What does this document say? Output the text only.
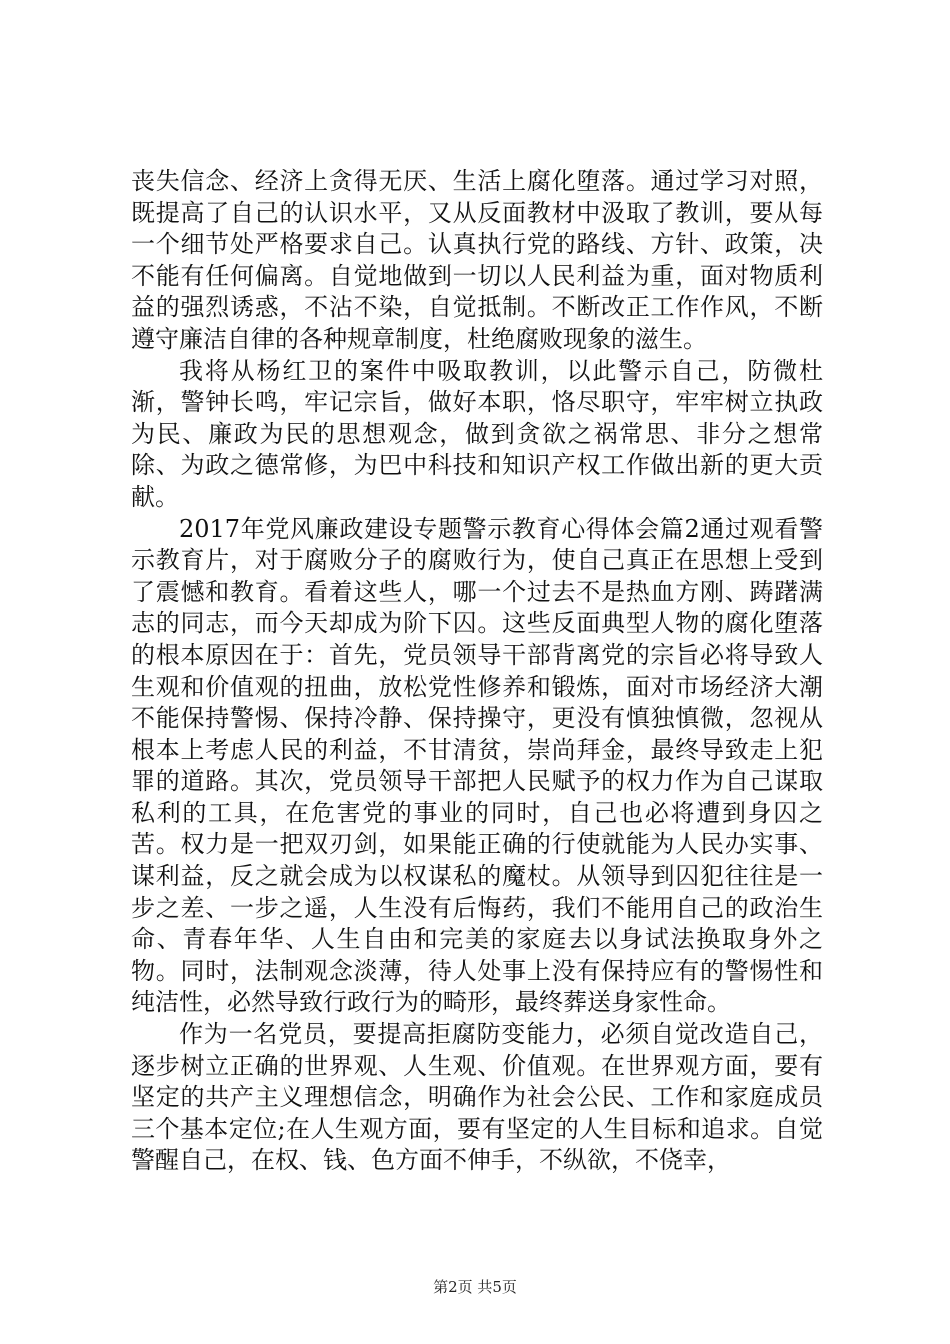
丧失信念、经济上贪得无厌、生活上腐化堕落。通过学习对照，既提高了自己的认识水平，又从反面教材中汲取了教训，要从每一个细节处严格要求自己。认真执行党的路线、方针、政策，决不能有任何偏离。自觉地做到一切以人民利益为重，面对物质利益的强烈诱惑，不沾不染，自觉抵制。不断改正工作作风，不断遵守廉洁自律的各种规章制度，杜绝腐败现象的滋生。

我将从杨红卫的案件中吸取教训，以此警示自己，防微杜渐，警钟长鸣，牢记宗旨，做好本职，恪尽职守，牢牢树立执政为民、廉政为民的思想观念，做到贪欲之祸常思、非分之想常除、为政之德常修，为巴中科技和知识产权工作做出新的更大贡献。

2017年党风廉政建设专题警示教育心得体会篇2通过观看警示教育片，对于腐败分子的腐败行为，使自己真正在思想上受到了震憾和教育。看着这些人，哪一个过去不是热血方刚、踌躇满志的同志，而今天却成为阶下囚。这些反面典型人物的腐化堕落的根本原因在于：首先，党员领导干部背离党的宗旨必将导致人生观和价值观的扭曲，放松党性修养和锻炼，面对市场经济大潮不能保持警惕、保持冷静、保持操守，更没有慎独慎微，忽视从根本上考虑人民的利益，不甘清贫，崇尚拜金，最终导致走上犯罪的道路。其次，党员领导干部把人民赋予的权力作为自己谋取私利的工具，在危害党的事业的同时，自己也必将遭到身囚之苦。权力是一把双刃剑，如果能正确的行使就能为人民办实事、谋利益，反之就会成为以权谋私的魔杖。从领导到囚犯往往是一步之差、一步之遥，人生没有后悔药，我们不能用自己的政治生命、青春年华、人生自由和完美的家庭去以身试法换取身外之物。同时，法制观念淡薄，待人处事上没有保持应有的警惕性和纯洁性，必然导致行政行为的畸形，最终葬送身家性命。

作为一名党员，要提高拒腐防变能力，必须自觉改造自己，逐步树立正确的世界观、人生观、价值观。在世界观方面，要有坚定的共产主义理想信念，明确作为社会公民、工作和家庭成员三个基本定位;在人生观方面，要有坚定的人生目标和追求。自觉警醒自己，在权、钱、色方面不伸手，不纵欲，不侥幸，

第2页 共5页
